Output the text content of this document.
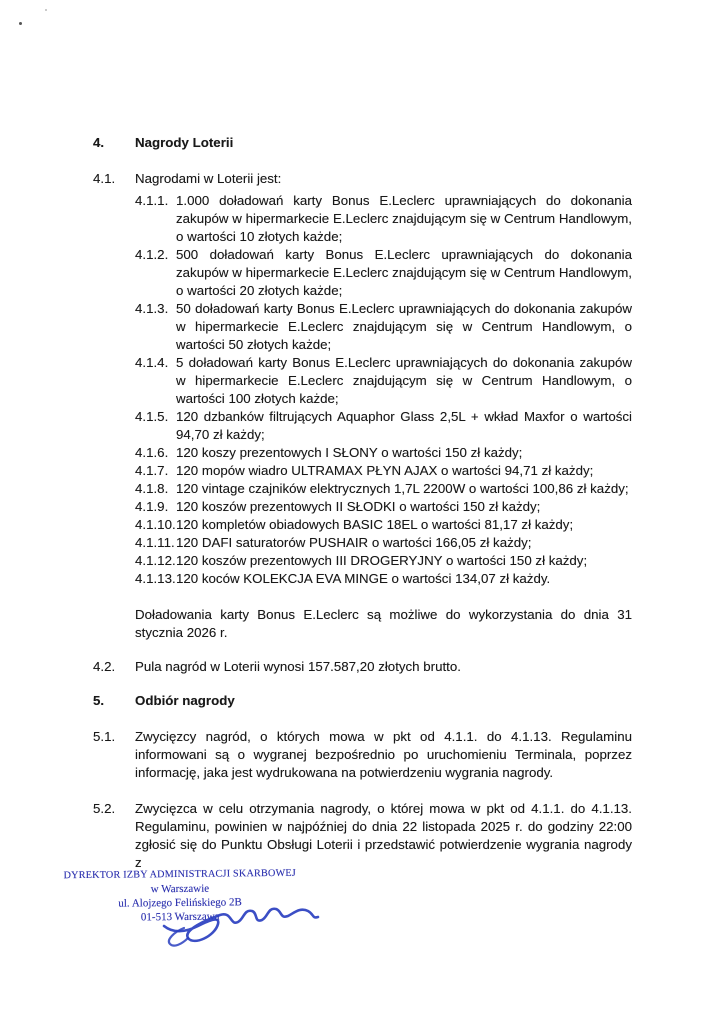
4.	Nagrody Loterii
4.1.	Nagrodami w Loterii jest:
4.1.1. 1.000 doładowań karty Bonus E.Leclerc uprawniających do dokonania zakupów w hipermarkecie E.Leclerc znajdującym się w Centrum Handlowym, o wartości 10 złotych każde;
4.1.2. 500 doładowań karty Bonus E.Leclerc uprawniających do dokonania zakupów w hipermarkecie E.Leclerc znajdującym się w Centrum Handlowym, o wartości 20 złotych każde;
4.1.3. 50 doładowań karty Bonus E.Leclerc uprawniających do dokonania zakupów w hipermarkecie E.Leclerc znajdującym się w Centrum Handlowym, o wartości 50 złotych każde;
4.1.4. 5 doładowań karty Bonus E.Leclerc uprawniających do dokonania zakupów w hipermarkecie E.Leclerc znajdującym się w Centrum Handlowym, o wartości 100 złotych każde;
4.1.5. 120 dzbanków filtrujących Aquaphor Glass 2,5L + wkład Maxfor o wartości 94,70 zł każdy;
4.1.6. 120 koszy prezentowych I SŁONY o wartości 150 zł każdy;
4.1.7. 120 mopów wiadro ULTRAMAX PŁYN AJAX o wartości 94,71 zł każdy;
4.1.8. 120 vintage czajników elektrycznych 1,7L 2200W o wartości 100,86 zł każdy;
4.1.9. 120 koszów prezentowych II SŁODKI o wartości 150 zł każdy;
4.1.10. 120 kompletów obiadowych BASIC 18EL o wartości 81,17 zł każdy;
4.1.11. 120 DAFI saturatorów PUSHAIR o wartości 166,05 zł każdy;
4.1.12. 120 koszów prezentowych III DROGERYJNY o wartości 150 zł każdy;
4.1.13. 120 koców KOLEKCJA EVA MINGE o wartości 134,07 zł każdy.
Doładowania karty Bonus E.Leclerc są możliwe do wykorzystania do dnia 31 stycznia 2026 r.
4.2.	Pula nagród w Loterii wynosi 157.587,20 złotych brutto.
5.	Odbiór nagrody
5.1.	Zwycięzcy nagród, o których mowa w pkt od 4.1.1. do 4.1.13. Regulaminu informowani są o wygranej bezpośrednio po uruchomieniu Terminala, poprzez informację, jaka jest wydrukowana na potwierdzeniu wygrania nagrody.
5.2.	Zwycięzca w celu otrzymania nagrody, o której mowa w pkt od 4.1.1. do 4.1.13. Regulaminu, powinien w najpóźniej do dnia 22 listopada 2025 r. do godziny 22:00 zgłosić się do Punktu Obsługi Loterii i przedstawić potwierdzenie wygrania nagrody z
DYREKTOR IZBY ADMINISTRACJI SKARBOWEJ
w Warszawie
ul. Alojzego Felińskiego 2B
01-513 Warszawa
